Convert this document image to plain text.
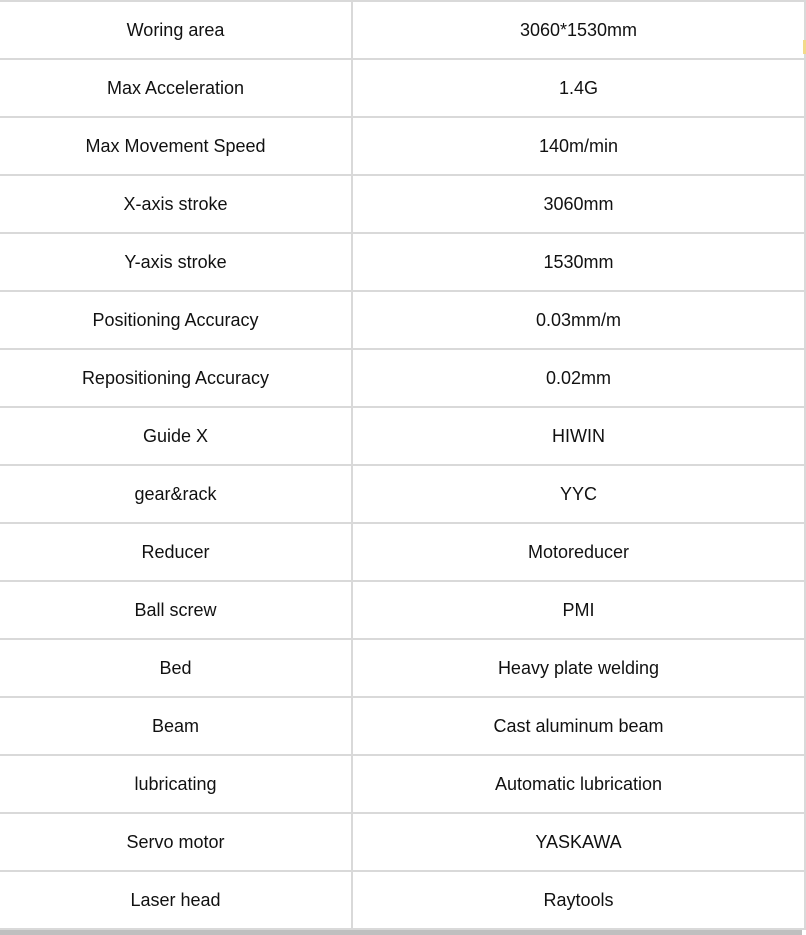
Woring area	3060*1530mm
Max Acceleration	1.4G
Max Movement Speed	140m/min
X-axis stroke	3060mm
Y-axis stroke	1530mm
Positioning Accuracy	0.03mm/m
Repositioning Accuracy	0.02mm
Guide X	HIWIN
gear&rack	YYC
Reducer	Motoreducer
Ball screw	PMI
Bed	Heavy plate welding
Beam	Cast aluminum beam
lubricating	Automatic lubrication
Servo motor	YASKAWA
Laser head	Raytools
